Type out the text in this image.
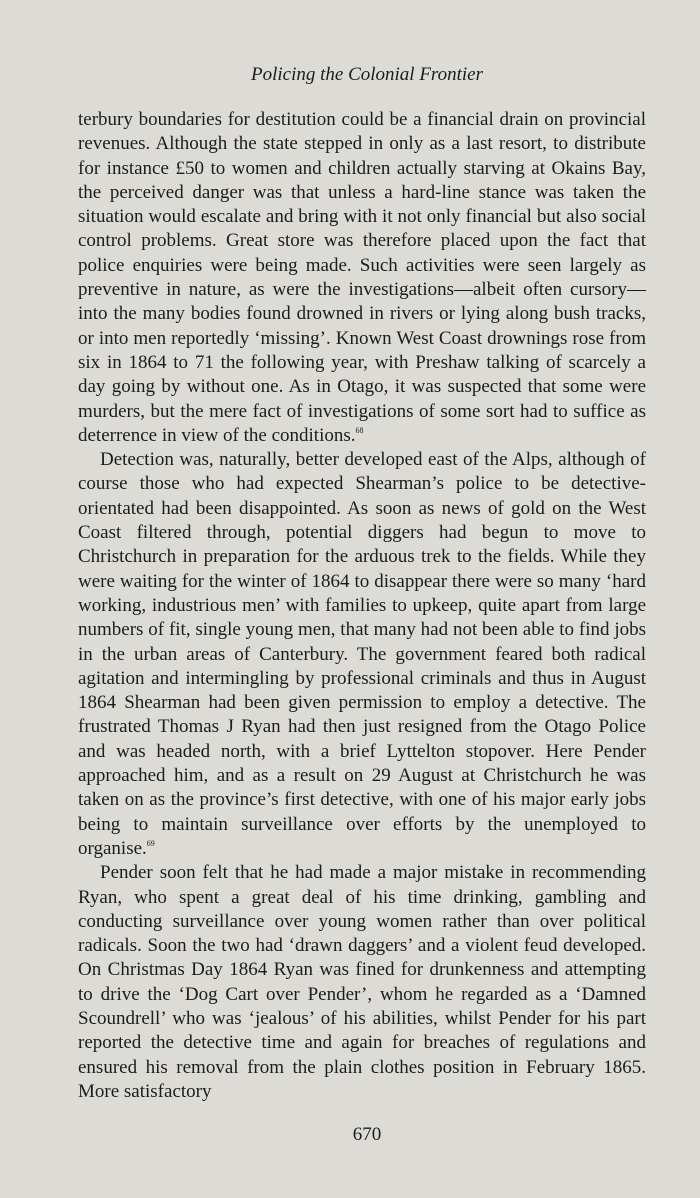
Policing the Colonial Frontier

terbury boundaries for destitution could be a financial drain on provincial revenues. Although the state stepped in only as a last resort, to distribute for instance £50 to women and children actually starving at Okains Bay, the perceived danger was that unless a hard-line stance was taken the situation would escalate and bring with it not only financial but also social control problems. Great store was therefore placed upon the fact that police enquiries were being made. Such activities were seen largely as preventive in nature, as were the investigations—albeit often cursory—into the many bodies found drowned in rivers or lying along bush tracks, or into men reportedly ‘missing’. Known West Coast drownings rose from six in 1864 to 71 the following year, with Preshaw talking of scarcely a day going by without one. As in Otago, it was suspected that some were murders, but the mere fact of investigations of some sort had to suffice as deterrence in view of the conditions.$^{68}$

Detection was, naturally, better developed east of the Alps, although of course those who had expected Shearman’s police to be detective-orientated had been disappointed. As soon as news of gold on the West Coast filtered through, potential diggers had begun to move to Christchurch in preparation for the arduous trek to the fields. While they were waiting for the winter of 1864 to disappear there were so many ‘hard working, industrious men’ with families to upkeep, quite apart from large numbers of fit, single young men, that many had not been able to find jobs in the urban areas of Canterbury. The government feared both radical agitation and intermingling by professional criminals and thus in August 1864 Shearman had been given permission to employ a detective. The frustrated Thomas J Ryan had then just resigned from the Otago Police and was headed north, with a brief Lyttelton stopover. Here Pender approached him, and as a result on 29 August at Christchurch he was taken on as the province’s first detective, with one of his major early jobs being to maintain surveillance over efforts by the unemployed to organise.$^{69}$

Pender soon felt that he had made a major mistake in recommending Ryan, who spent a great deal of his time drinking, gambling and conducting surveillance over young women rather than over political radicals. Soon the two had ‘drawn daggers’ and a violent feud developed. On Christmas Day 1864 Ryan was fined for drunkenness and attempting to drive the ‘Dog Cart over Pender’, whom he regarded as a ‘Damned Scoundrell’ who was ‘jealous’ of his abilities, whilst Pender for his part reported the detective time and again for breaches of regulations and ensured his removal from the plain clothes position in February 1865. More satisfactory

670
